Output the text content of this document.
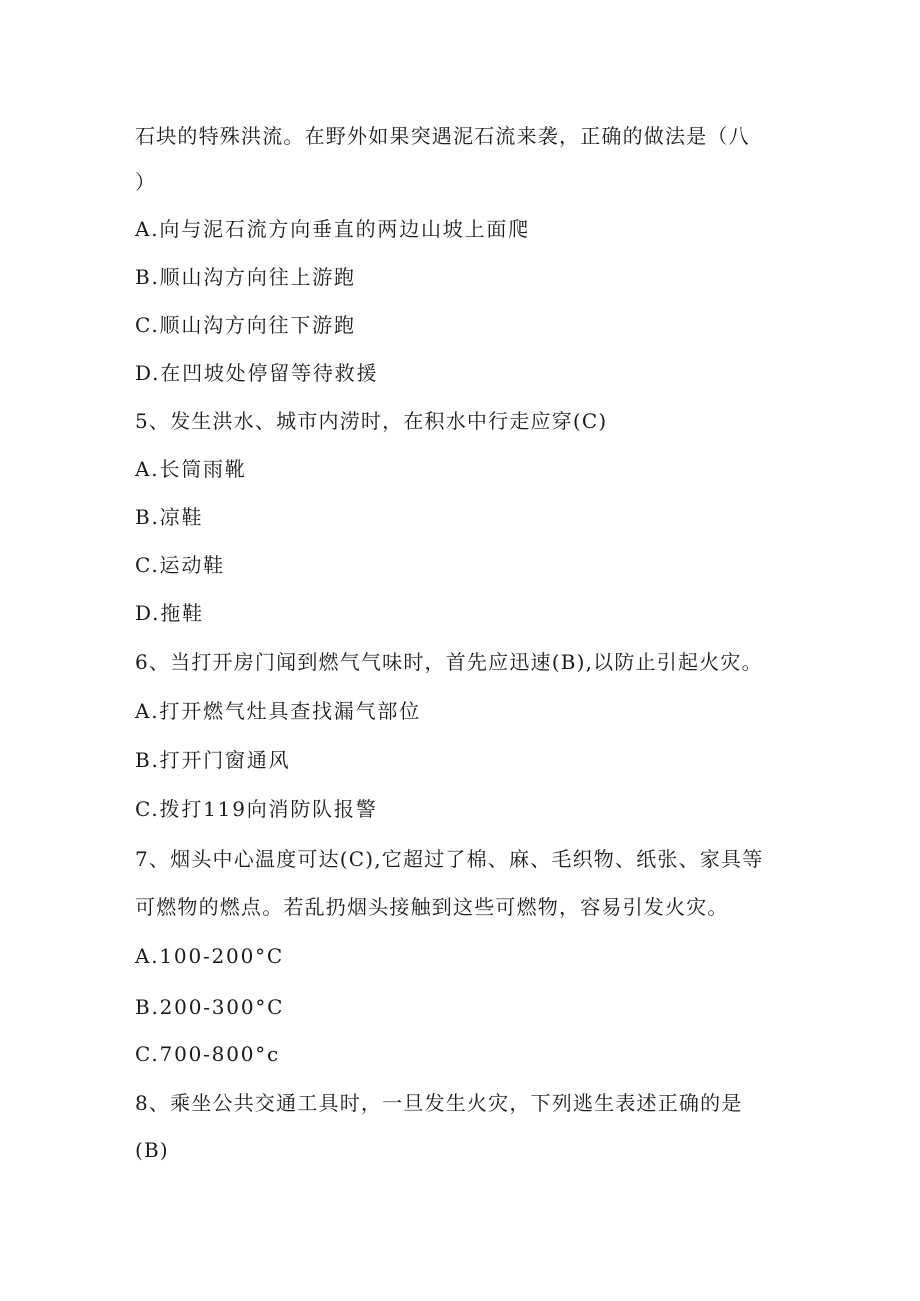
石块的特殊洪流。在野外如果突遇泥石流来袭，正确的做法是（八
）
A.向与泥石流方向垂直的两边山坡上面爬
B.顺山沟方向往上游跑
C.顺山沟方向往下游跑
D.在凹坡处停留等待救援
5、发生洪水、城市内涝时，在积水中行走应穿(C)
A.长筒雨靴
B.凉鞋
C.运动鞋
D.拖鞋
6、当打开房门闻到燃气气味时，首先应迅速(B),以防止引起火灾。
A.打开燃气灶具查找漏气部位
B.打开门窗通风
C.拨打119向消防队报警
7、烟头中心温度可达(C),它超过了棉、麻、毛织物、纸张、家具等
可燃物的燃点。若乱扔烟头接触到这些可燃物，容易引发火灾。
A.100-200°C
B.200-300°C
C.700-800°c
8、乘坐公共交通工具时，一旦发生火灾，下列逃生表述正确的是
(B)
